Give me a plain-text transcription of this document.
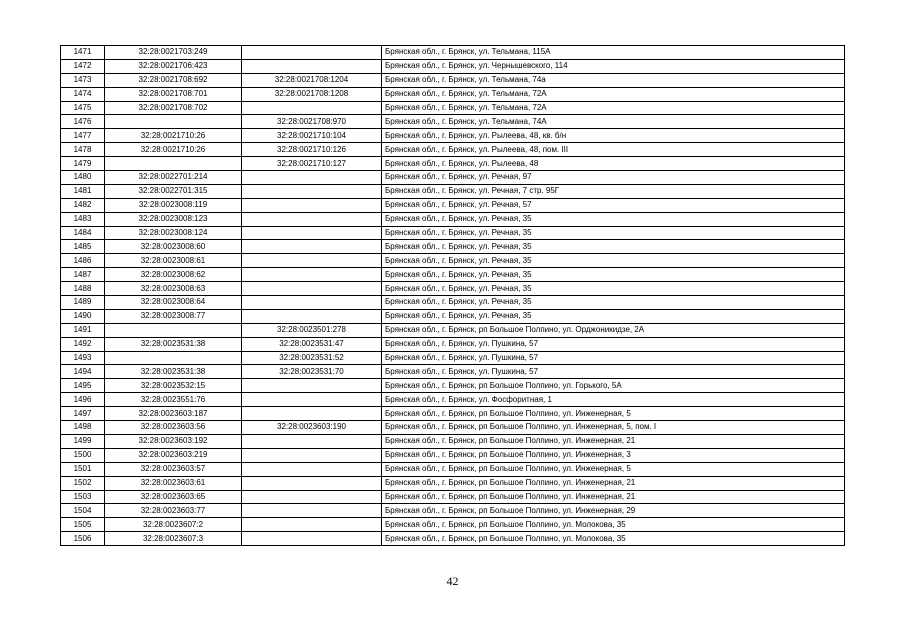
1471	32:28:0021703:249		Брянская обл., г. Брянск, ул. Тельмана, 115А
1472	32:28:0021706:423		Брянская обл., г. Брянск, ул. Чернышевского, 114
1473	32:28:0021708:692	32:28:0021708:1204	Брянская обл., г. Брянск, ул. Тельмана, 74а
1474	32:28:0021708:701	32:28:0021708:1208	Брянская обл., г. Брянск, ул. Тельмана, 72А
1475	32:28:0021708:702		Брянская обл., г. Брянск, ул. Тельмана, 72А
1476		32:28:0021708:970	Брянская обл., г. Брянск, ул. Тельмана, 74А
1477	32:28:0021710:26	32:28:0021710:104	Брянская обл., г. Брянск, ул. Рылеева, 48, кв. б/н
1478	32:28:0021710:26	32:28:0021710:126	Брянская обл., г. Брянск, ул. Рылеева, 48, пом. III
1479		32:28:0021710:127	Брянская обл., г. Брянск, ул. Рылеева, 48
1480	32:28:0022701:214		Брянская обл., г. Брянск, ул. Речная, 97
1481	32:28:0022701:315		Брянская обл., г. Брянск, ул. Речная, 7 стр. 95Г
1482	32:28:0023008:119		Брянская обл., г. Брянск, ул. Речная, 57
1483	32:28:0023008:123		Брянская обл., г. Брянск, ул. Речная, 35
1484	32:28:0023008:124		Брянская обл., г. Брянск, ул. Речная, 35
1485	32:28:0023008:60		Брянская обл., г. Брянск, ул. Речная, 35
1486	32:28:0023008:61		Брянская обл., г. Брянск, ул. Речная, 35
1487	32:28:0023008:62		Брянская обл., г. Брянск, ул. Речная, 35
1488	32:28:0023008:63		Брянская обл., г. Брянск, ул. Речная, 35
1489	32:28:0023008:64		Брянская обл., г. Брянск, ул. Речная, 35
1490	32:28:0023008:77		Брянская обл., г. Брянск, ул. Речная, 35
1491		32:28:0023501:278	Брянская обл., г. Брянск, рп Большое Полпино, ул. Орджоникидзе, 2А
1492	32:28:0023531:38	32:28:0023531:47	Брянская обл., г. Брянск, ул. Пушкина, 57
1493		32:28:0023531:52	Брянская обл., г. Брянск, ул. Пушкина, 57
1494	32:28:0023531:38	32:28:0023531:70	Брянская обл., г. Брянск, ул. Пушкина, 57
1495	32:28:0023532:15		Брянская обл., г. Брянск, рп Большое Полпино, ул. Горького, 5А
1496	32:28:0023551:76		Брянская обл., г. Брянск, ул. Фосфоритная, 1
1497	32:28:0023603:187		Брянская обл., г. Брянск, рп Большое Полпино, ул. Инженерная, 5
1498	32:28:0023603:56	32:28:0023603:190	Брянская обл., г. Брянск, рп Большое Полпино, ул. Инженерная, 5, пом. I
1499	32:28:0023603:192		Брянская обл., г. Брянск, рп Большое Полпино, ул. Инженерная, 21
1500	32:28:0023603:219		Брянская обл., г. Брянск, рп Большое Полпино, ул. Инженерная, 3
1501	32:28:0023603:57		Брянская обл., г. Брянск, рп Большое Полпино, ул. Инженерная, 5
1502	32:28:0023603:61		Брянская обл., г. Брянск, рп Большое Полпино, ул. Инженерная, 21
1503	32:28:0023603:65		Брянская обл., г. Брянск, рп Большое Полпино, ул. Инженерная, 21
1504	32:28:0023603:77		Брянская обл., г. Брянск, рп Большое Полпино, ул. Инженерная, 29
1505	32:28:0023607:2		Брянская обл., г. Брянск, рп Большое Полпино, ул. Молокова, 35
1506	32:28:0023607:3		Брянская обл., г. Брянск, рп Большое Полпино, ул. Молокова, 35
42
